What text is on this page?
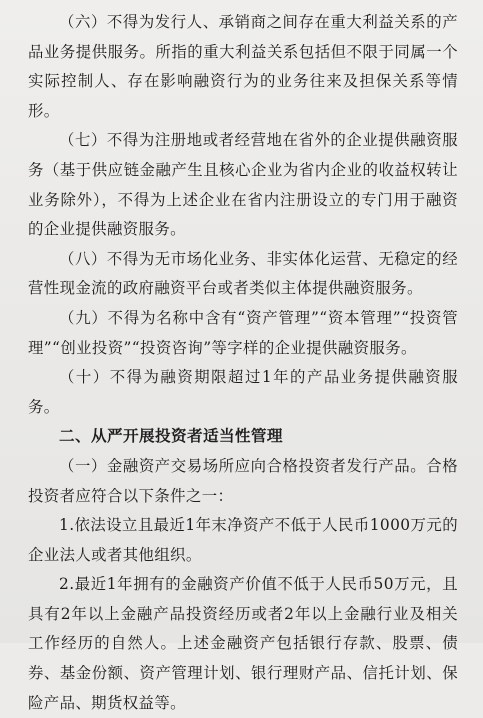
（六）不得为发行人、承销商之间存在重大利益关系的产品业务提供服务。所指的重大利益关系包括但不限于同属一个实际控制人、存在影响融资行为的业务往来及担保关系等情形。

（七）不得为注册地或者经营地在省外的企业提供融资服务（基于供应链金融产生且核心企业为省内企业的收益权转让业务除外），不得为上述企业在省内注册设立的专门用于融资的企业提供融资服务。

（八）不得为无市场化业务、非实体化运营、无稳定的经营性现金流的政府融资平台或者类似主体提供融资服务。

（九）不得为名称中含有“资产管理”“资本管理”“投资管理”“创业投资”“投资咨询”等字样的企业提供融资服务。

（十）不得为融资期限超过1年的产品业务提供融资服务。

二、从严开展投资者适当性管理

（一）金融资产交易场所应向合格投资者发行产品。合格投资者应符合以下条件之一：

1.依法设立且最近1年末净资产不低于人民币1000万元的企业法人或者其他组织。

2.最近1年拥有的金融资产价值不低于人民币50万元，且具有2年以上金融产品投资经历或者2年以上金融行业及相关工作经历的自然人。上述金融资产包括银行存款、股票、债券、基金份额、资产管理计划、银行理财产品、信托计划、保险产品、期货权益等。
